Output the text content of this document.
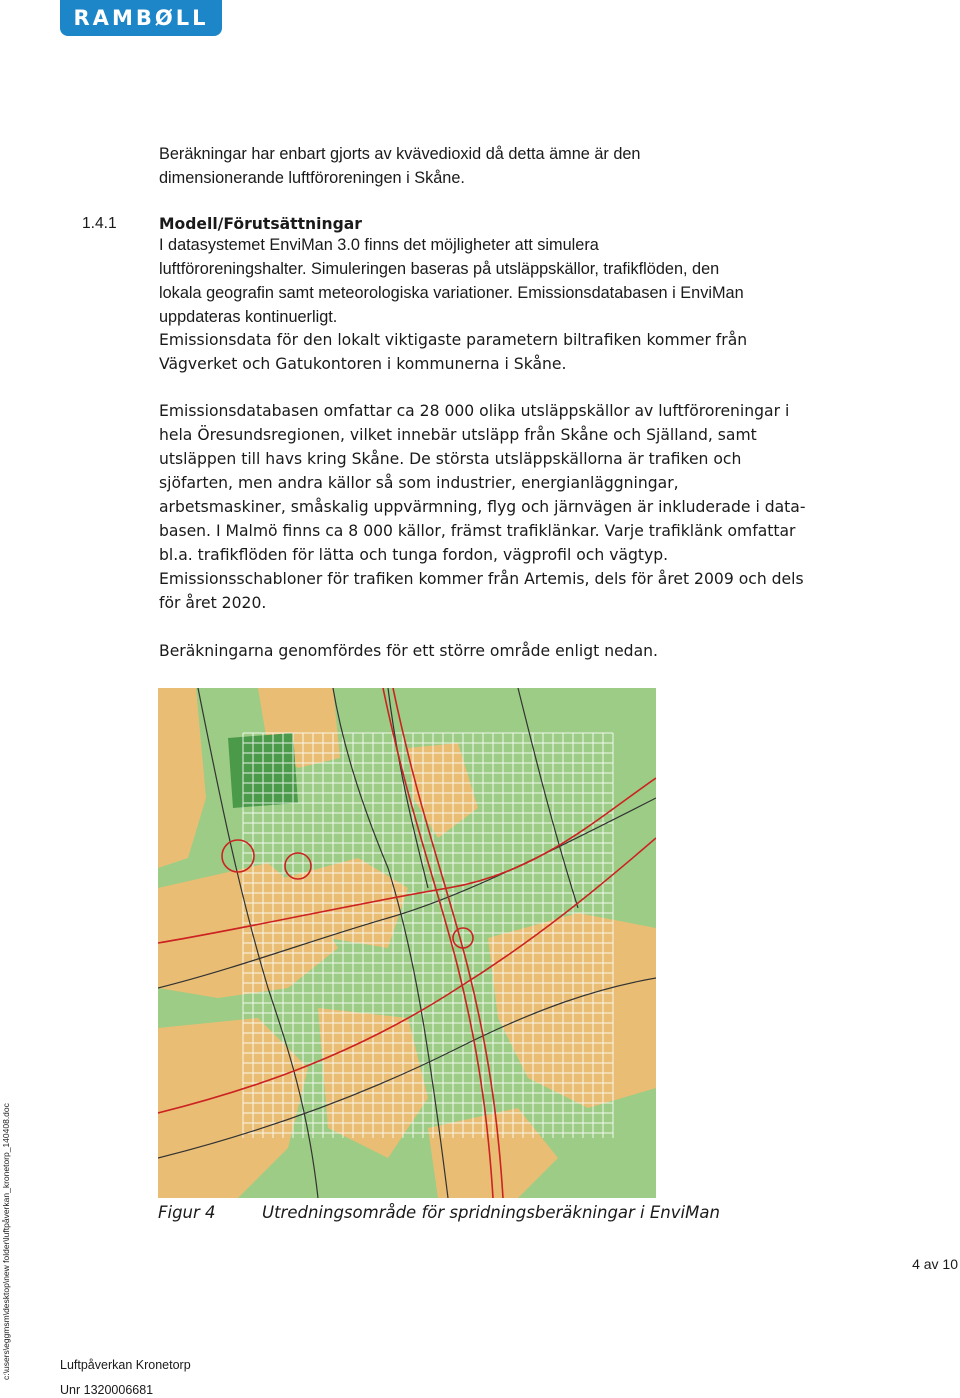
RAMBØLL

Beräkningar har enbart gjorts av kvävedioxid då detta ämne är den
dimensionerande luftföroreningen i Skåne.

1.4.1	Modell/Förutsättningar

I datasystemet EnviMan 3.0 finns det möjligheter att simulera
luftföroreningshalter. Simuleringen baseras på utsläppskällor, trafikflöden, den
lokala geografin samt meteorologiska variationer. Emissionsdatabasen i EnviMan
uppdateras kontinuerligt.

Emissionsdata för den lokalt viktigaste parametern biltrafiken kommer från
Vägverket och Gatukontoren i kommunerna i Skåne.

Emissionsdatabasen omfattar ca 28 000 olika utsläppskällor av luftföroreningar i
hela Öresundsregionen, vilket innebär utsläpp från Skåne och Själland, samt
utsläppen till havs kring Skåne. De största utsläppskällorna är trafiken och
sjöfarten, men andra källor så som industrier, energianläggningar,
arbetsmaskiner, småskalig uppvärmning, flyg och järnvägen är inkluderade i data-
basen. I Malmö finns ca 8 000 källor, främst trafiklänkar. Varje trafiklänk omfattar
bl.a. trafikflöden för lätta och tunga fordon, vägprofil och vägtyp.
Emissionsschabloner för trafiken kommer från Artemis, dels för året 2009 och dels
för året 2020.

Beräkningarna genomfördes för ett större område enligt nedan.

Figur 4	Utredningsområde för spridningsberäkningar i EnviMan
4 av 10
Luftpåverkan Kronetorp
Unr 1320006681
c:\users\eggmsm\desktop\new folder\luftpåverkan_kronetorp_140408.doc
